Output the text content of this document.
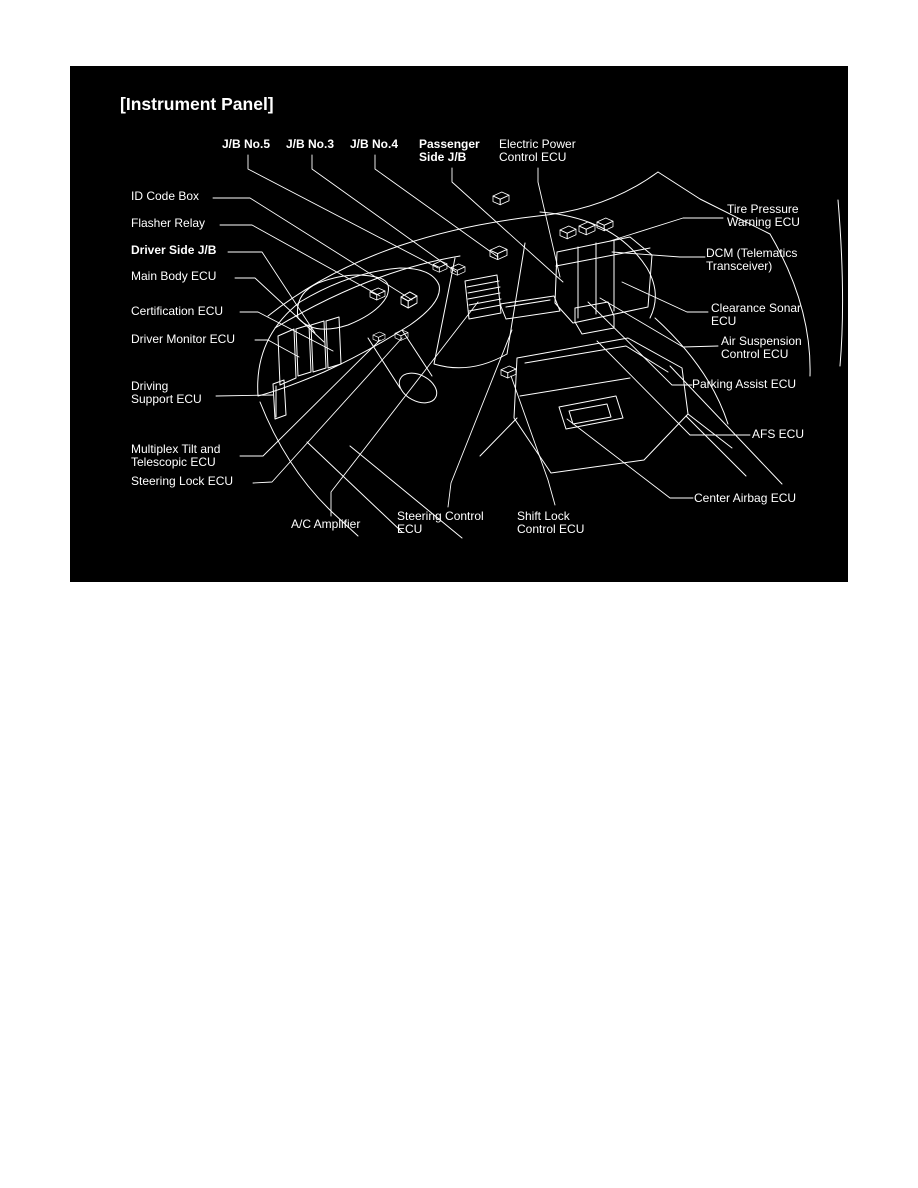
[Instrument Panel]
J/B No.5 J/B No.3 J/B No.4 Passenger
Side J/B
Electric Power
Control ECU
ID Code Box
Flasher Relay
Driver Side J/B
Main Body ECU
Certification ECU
Driver Monitor ECU
Driving
Support ECU
Multiplex Tilt and
Telescopic ECU
Steering Lock ECU
Tire Pressure
Warning ECU
DCM (Telematics
Transceiver)
Clearance Sonar
ECU
Air Suspension
Control ECU
Parking Assist ECU
AFS ECU
Center Airbag ECU
A/C Amplifier
Steering Control
ECU
Shift Lock
Control ECU
